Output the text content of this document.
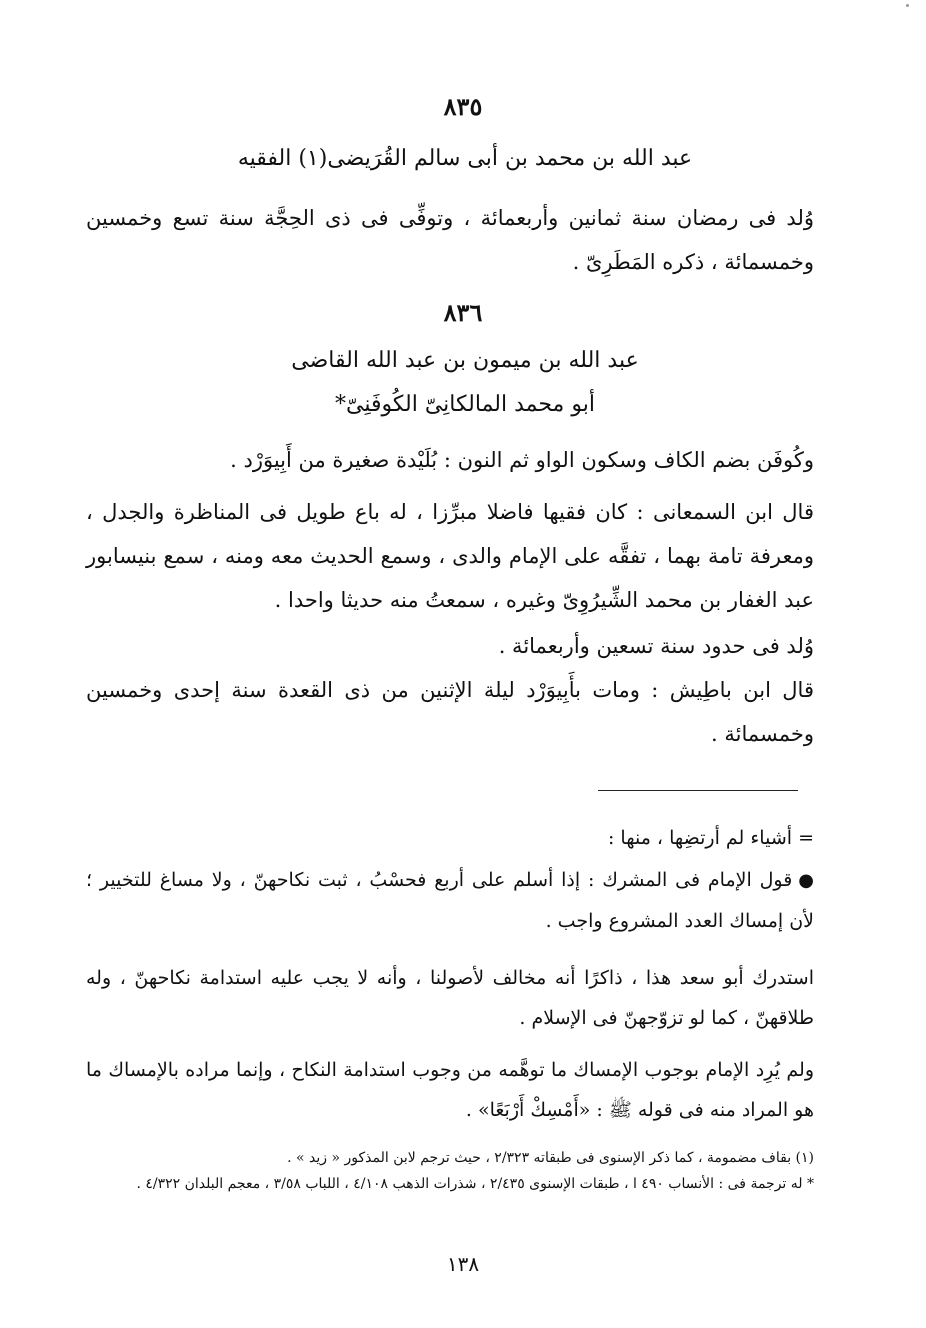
٨٣٥
عبد الله بن محمد بن أبى سالم القُرَيضى(١) الفقيه
وُلد فى رمضان سنة ثمانين وأربعمائة ، وتوفِّى فى ذى الحِجَّة سنة تسع وخمسين وخمسمائة ، ذكره المَطَرِىّ .
٨٣٦
عبد الله بن ميمون بن عبد الله القاضى
أبو محمد المالكانِىّ الكُوفَنِىّ*
وكُوفَن بضم الكاف وسكون الواو ثم النون : بُلَيْدة صغيرة من أَبِيوَرْد .
قال ابن السمعانى : كان فقيها فاضلا مبرِّزا ، له باع طويل فى المناظرة والجدل ، ومعرفة تامة بهما ، تفقَّه على الإمام والدى ، وسمع الحديث معه ومنه ، سمع بنيسابور عبد الغفار بن محمد الشِّيرُوِىّ وغيره ، سمعتُ منه حديثا واحدا .
وُلد فى حدود سنة تسعين وأربعمائة .
قال ابن باطِيش : ومات بأَبِيوَرْد ليلة الإثنين من ذى القعدة سنة إحدى وخمسين وخمسمائة .
= أشياء لم أرتضِها ، منها :
●قول الإمام فى المشرك : إذا أسلم على أربع فحسْبُ ، ثبت نكاحهنّ ، ولا مساغ للتخيير ؛ لأن إمساك العدد المشروع واجب .
استدرك أبو سعد هذا ، ذاكرًا أنه مخالف لأصولنا ، وأنه لا يجب عليه استدامة نكاحهنّ ، وله طلاقهنّ ، كما لو تزوّجهنّ فى الإسلام .
ولم يُرِد الإمام بوجوب الإمساك ما توهَّمه من وجوب استدامة النكاح ، وإنما مراده بالإمساك ما هو المراد منه فى قوله ﷺ : «أَمْسِكْ أَرْبَعًا» .
(١) بقاف مضمومة ، كما ذكر الإسنوى فى طبقاته ٢/٣٢٣ ، حيث ترجم لابن المذكور « زيد » .
* له ترجمة فى : الأنساب ٤٩٠ ا ، طبقات الإسنوى ٢/٤٣٥ ، شذرات الذهب ٤/١٠٨ ، اللباب ٣/٥٨ ، معجم البلدان ٤/٣٢٢ .
١٣٨
